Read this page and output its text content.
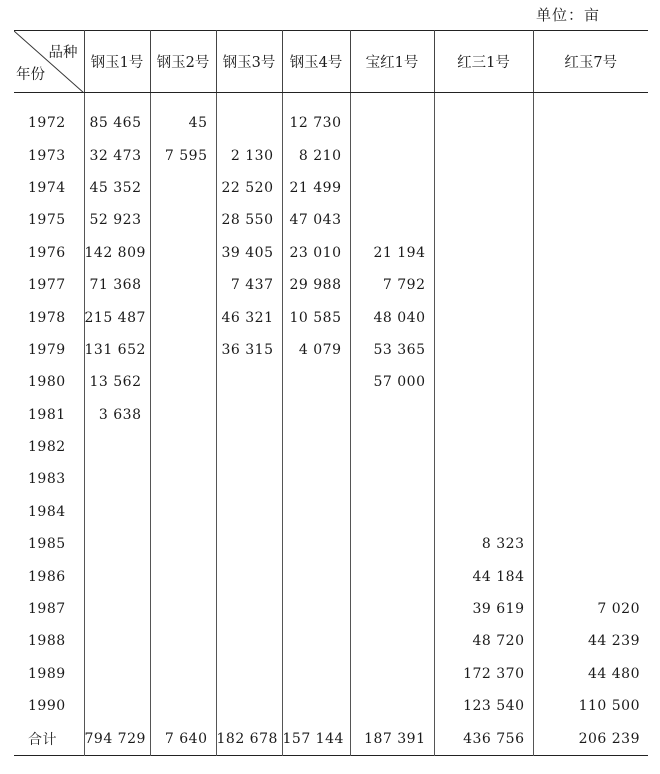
单位：亩
品种
年份	钢玉1号	钢玉2号	钢玉3号	钢玉4号	宝红1号	红三1号	红玉7号
1972	85 465	45		12 730			
1973	32 473	7 595	2 130	8 210			
1974	45 352		22 520	21 499			
1975	52 923		28 550	47 043			
1976	142 809		39 405	23 010	21 194		
1977	71 368		7 437	29 988	7 792		
1978	215 487		46 321	10 585	48 040		
1979	131 652		36 315	4 079	53 365		
1980	13 562				57 000		
1981	3 638						
1982							
1983							
1984							
1985						8 323	
1986						44 184	
1987						39 619	7 020
1988						48 720	44 239
1989						172 370	44 480
1990						123 540	110 500
合计	794 729	7 640	182 678	157 144	187 391	436 756	206 239
